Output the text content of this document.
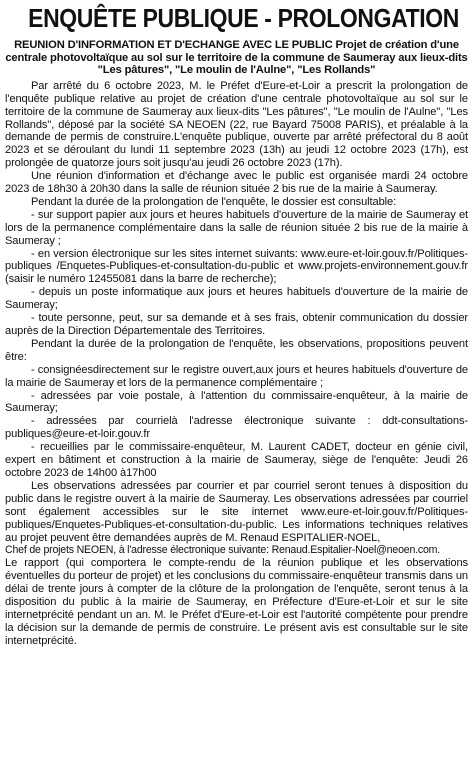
ENQUÊTE PUBLIQUE - PROLONGATION
REUNION D'INFORMATION ET D'ECHANGE AVEC LE PUBLIC Projet de création d'une centrale photovoltaïque au sol sur le territoire de la commune de Saumeray aux lieux-dits "Les pâtures", "Le moulin de l'Aulne", "Les Rollands"

Par arrêté du 6 octobre 2023, M. le Préfet d'Eure-et-Loir a prescrit la prolongation de l'enquête publique relative au projet de création d'une centrale photovoltaïque au sol sur le territoire de la commune de Saumeray aux lieux-dits "Les pâtures", "Le moulin de l'Aulne", "Les Rollands", déposé par la société SA NEOEN (22, rue Bayard 75008 PARIS), et préalable à la demande de permis de construire.L'enquête publique, ouverte par arrêté préfectoral du 8 août 2023 et se déroulant du lundi 11 septembre 2023 (13h) au jeudi 12 octobre 2023 (17h), est prolongée de quatorze jours soit jusqu'au jeudi 26 octobre 2023 (17h).

Une réunion d'information et d'échange avec le public est organisée mardi 24 octobre 2023 de 18h30 à 20h30 dans la salle de réunion située 2 bis rue de la mairie à Saumeray.

Pendant la durée de la prolongation de l'enquête, le dossier est consultable:

- sur support papier aux jours et heures habituels d'ouverture de la mairie de Saumeray et lors de la permanence complémentaire dans la salle de réunion située 2 bis rue de la mairie à Saumeray ;

- en version électronique sur les sites internet suivants: www.eure-et-loir.gouv.fr/Politiques-publiques /Enquetes-Publiques-et-consultation-du-public et www.projets-environnement.gouv.fr (saisir le numéro 12455081 dans la barre de recherche);

- depuis un poste informatique aux jours et heures habituels d'ouverture de la mairie de Saumeray;

- toute personne, peut, sur sa demande et à ses frais, obtenir communication du dossier auprès de la Direction Départementale des Territoires.

Pendant la durée de la prolongation de l'enquête, les observations, propositions peuvent être:

- consignéesdirectement sur le registre ouvert,aux jours et heures habituels d'ouverture de la mairie de Saumeray et lors de la permanence complémentaire ;

- adressées par voie postale, à l'attention du commissaire-enquêteur, à la mairie de Saumeray;

- adressées par courrielà l'adresse électronique suivante : ddt-consultations-publiques@eure-et-loir.gouv.fr

- recueillies par le commissaire-enquêteur, M. Laurent CADET, docteur en génie civil, expert en bâtiment et construction à la mairie de Saumeray, siège de l'enquête: Jeudi 26 octobre 2023 de 14h00 à17h00

Les observations adressées par courrier et par courriel seront tenues à disposition du public dans le registre ouvert à la mairie de Saumeray. Les observations adressées par courriel sont également accessibles sur le site internet www.eure-et-loir.gouv.fr/Politiques-publiques/Enquetes-Publiques-et-consultation-du-public. Les informations techniques relatives au projet peuvent être demandées auprès de M. Renaud ESPITALIER-NOEL,

Chef de projets NEOEN, à l'adresse électronique suivante: Renaud.Espitalier-Noel@neoen.com.

Le rapport (qui comportera le compte-rendu de la réunion publique et les observations éventuelles du porteur de projet) et les conclusions du commissaire-enquêteur transmis dans un délai de trente jours à compter de la clôture de la prolongation de l'enquête, seront tenus à la disposition du public à la mairie de Saumeray, en Préfecture d'Eure-et-Loir et sur le site internetprécité pendant un an. M. le Préfet d'Eure-et-Loir est l'autorité compétente pour prendre la décision sur la demande de permis de construire. Le présent avis est consultable sur le site internetprécité.
